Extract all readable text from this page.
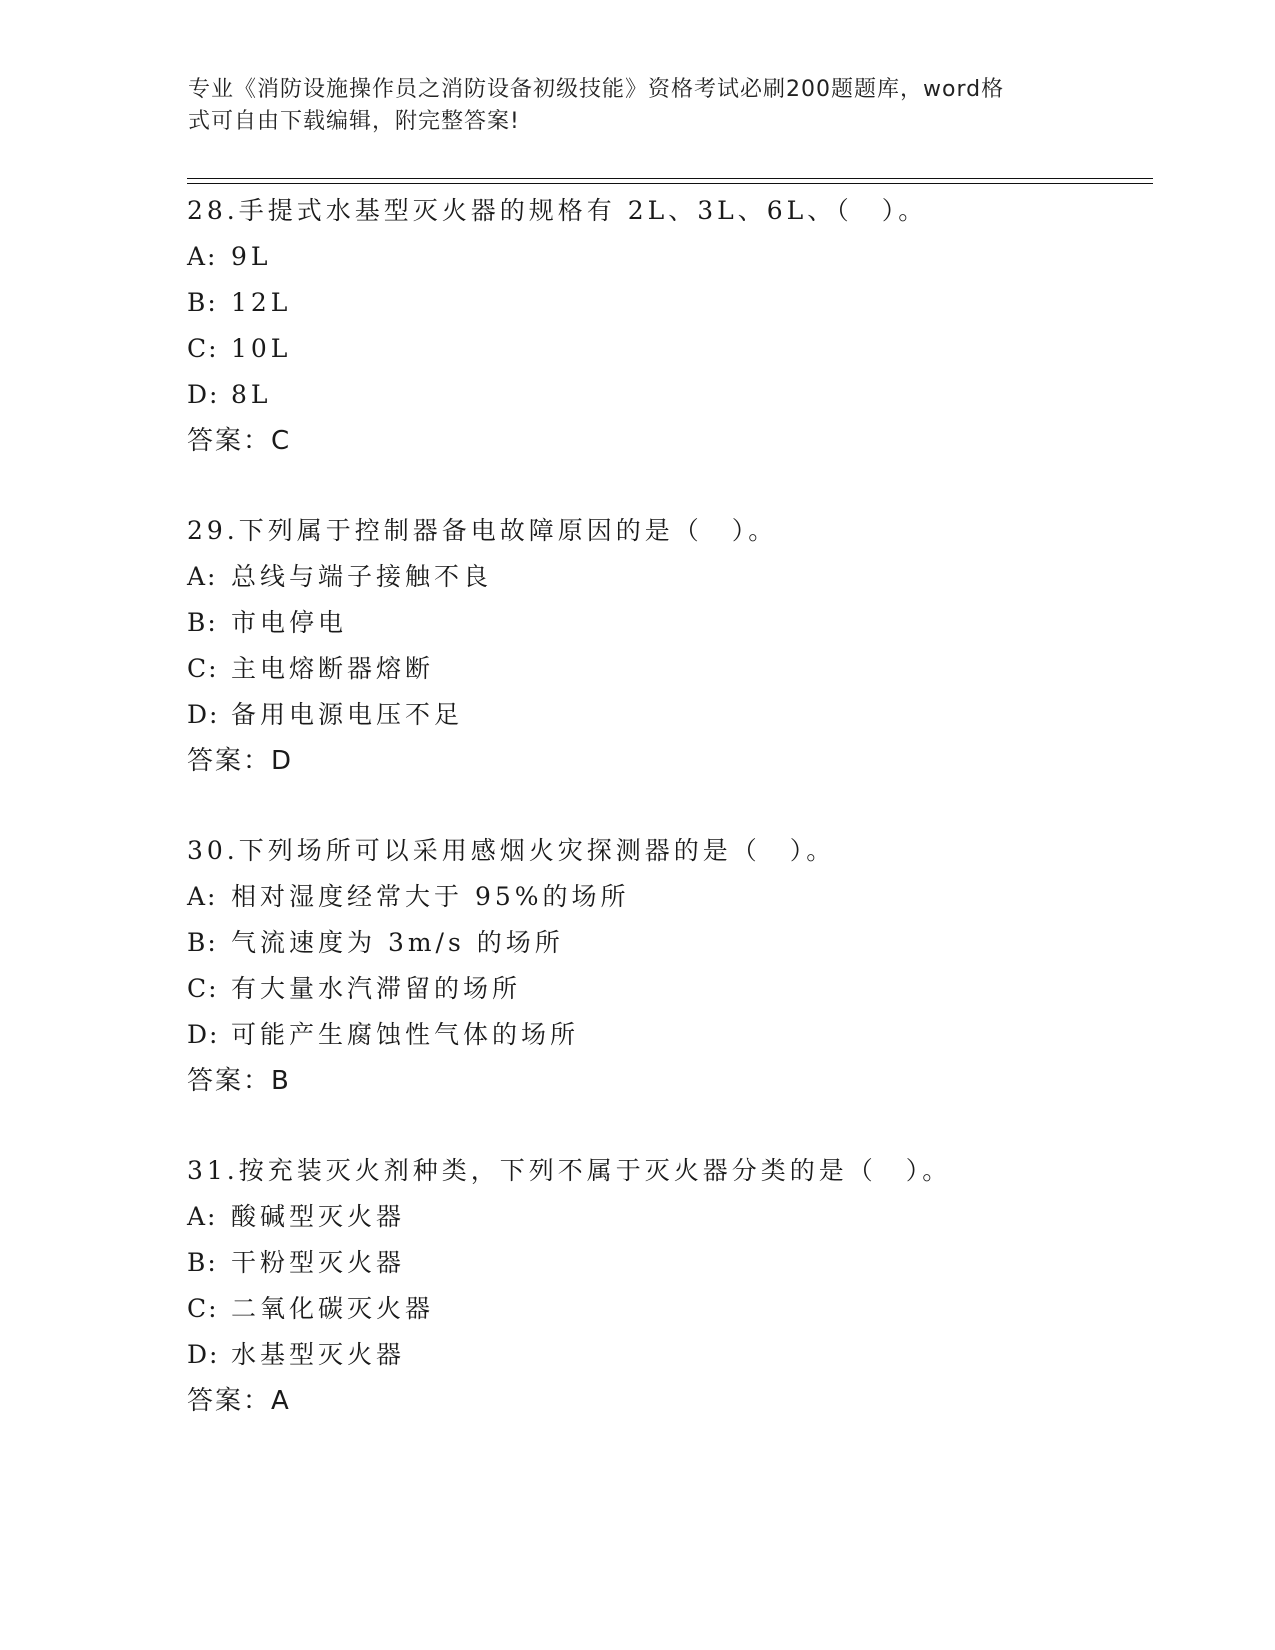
专业《消防设施操作员之消防设备初级技能》资格考试必刷200题题库，word格
式可自由下载编辑，附完整答案!
28.手提式水基型灭火器的规格有 2L、3L、6L、（　）。
A: 9L
B: 12L
C: 10L
D: 8L
答案：C
29.下列属于控制器备电故障原因的是（　）。
A: 总线与端子接触不良
B: 市电停电
C: 主电熔断器熔断
D: 备用电源电压不足
答案：D
30.下列场所可以采用感烟火灾探测器的是（　）。
A: 相对湿度经常大于 95%的场所
B: 气流速度为 3m/s 的场所
C: 有大量水汽滞留的场所
D: 可能产生腐蚀性气体的场所
答案：B
31.按充装灭火剂种类，下列不属于灭火器分类的是（　）。
A: 酸碱型灭火器
B: 干粉型灭火器
C: 二氧化碳灭火器
D: 水基型灭火器
答案：A
